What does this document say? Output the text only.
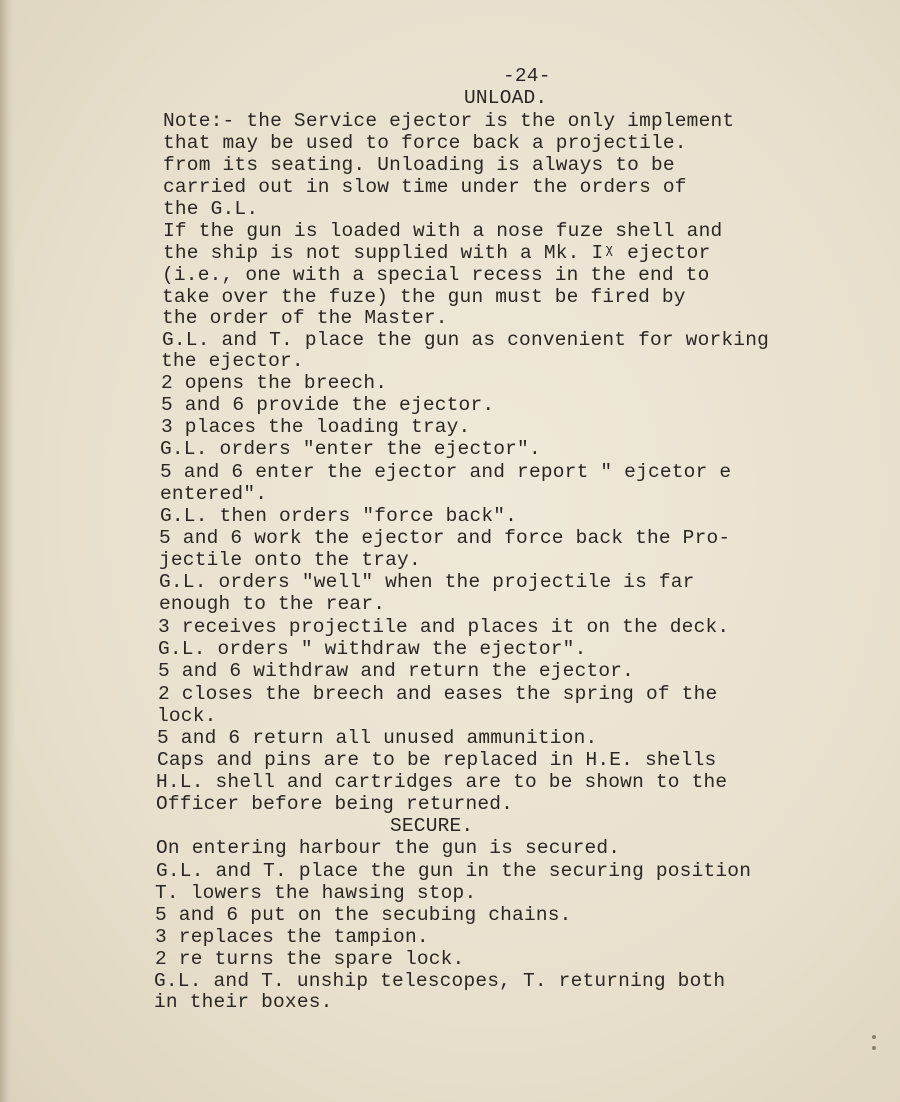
-24-
UNLOAD.
Note:- the Service ejector is the only implement
that may be used to force back a projectile.
from its seating. Unloading is always to be
carried out in slow time under the orders of
the G.L.
If the gun is loaded with a nose fuze shell and
the ship is not supplied with a Mk. Iᵡ ejector
(i.e., one with a special recess in the end to
take over the fuze) the gun must be fired by
the order of the Master.
G.L. and T. place the gun as convenient for working
the ejector.
2 opens the breech.
5 and 6 provide the ejector.
3 places the loading tray.
G.L. orders "enter the ejector".
5 and 6 enter the ejector and report " ejcetor e
entered".
G.L. then orders "force back".
5 and 6 work the ejector and force back the Pro-
jectile onto the tray.
G.L. orders "well" when the projectile is far
enough to the rear.
3 receives projectile and places it on the deck.
G.L. orders " withdraw the ejector".
5 and 6 withdraw and return the ejector.
2 closes the breech and eases the spring of the
lock.
5 and 6 return all unused ammunition.
Caps and pins are to be replaced in H.E. shells
H.L. shell and cartridges are to be shown to the
Officer before being returned.
SECURE.
On entering harbour the gun is secured.
G.L. and T. place the gun in the securing position
T. lowers the hawsing stop.
5 and 6 put on the secubing chains.
3 replaces the tampion.
2 re turns the spare lock.
G.L. and T. unship telescopes, T. returning both
in their boxes.
